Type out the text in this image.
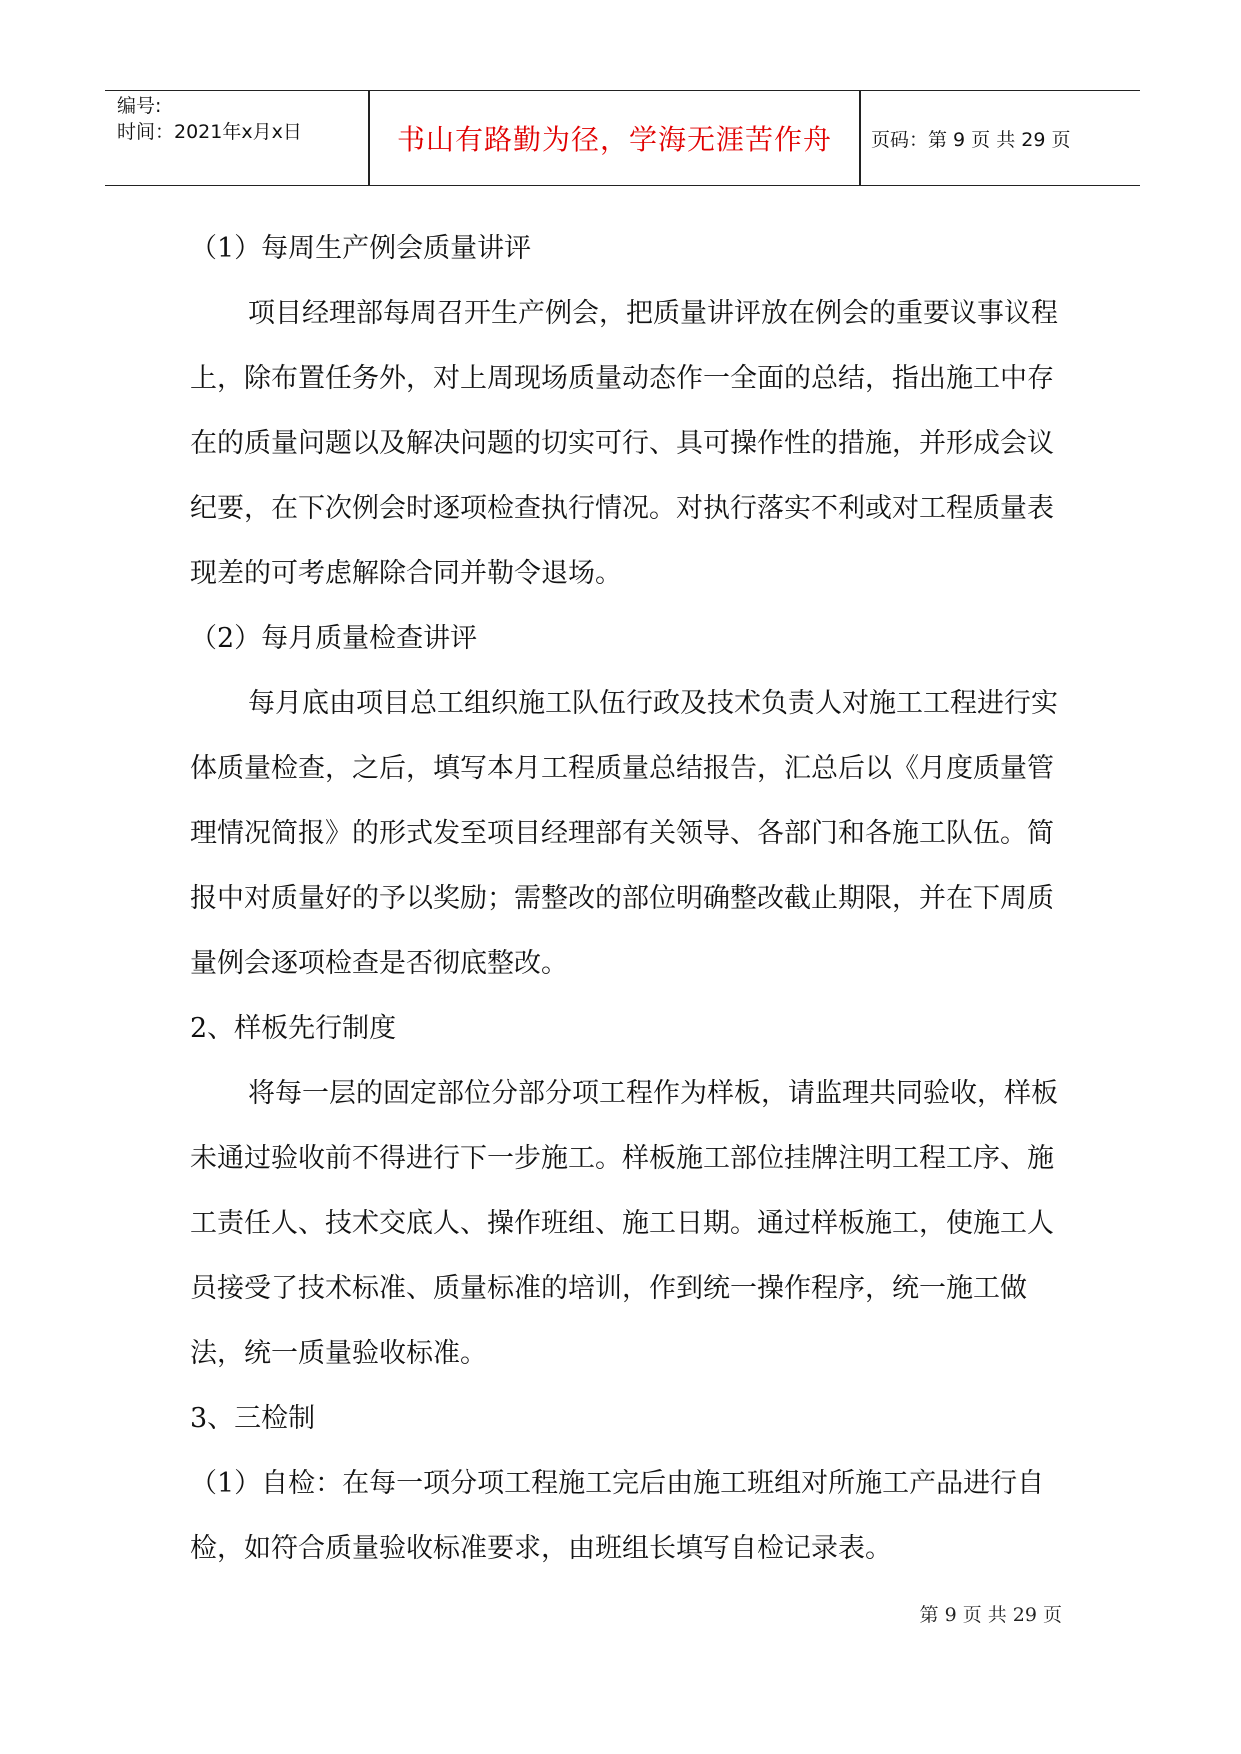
编号:
时间：2021年x月x日	书山有路勤为径，学海无涯苦作舟	页码：第 9 页 共 29 页

（1）每周生产例会质量讲评

项目经理部每周召开生产例会，把质量讲评放在例会的重要议事议程上，除布置任务外，对上周现场质量动态作一全面的总结，指出施工中存在的质量问题以及解决问题的切实可行、具可操作性的措施，并形成会议纪要，在下次例会时逐项检查执行情况。对执行落实不利或对工程质量表现差的可考虑解除合同并勒令退场。

（2）每月质量检查讲评

每月底由项目总工组织施工队伍行政及技术负责人对施工工程进行实体质量检查，之后，填写本月工程质量总结报告，汇总后以《月度质量管理情况简报》的形式发至项目经理部有关领导、各部门和各施工队伍。简报中对质量好的予以奖励；需整改的部位明确整改截止期限，并在下周质量例会逐项检查是否彻底整改。

2、样板先行制度

将每一层的固定部位分部分项工程作为样板，请监理共同验收，样板未通过验收前不得进行下一步施工。样板施工部位挂牌注明工程工序、施工责任人、技术交底人、操作班组、施工日期。通过样板施工，使施工人员接受了技术标准、质量标准的培训，作到统一操作程序，统一施工做法，统一质量验收标准。

3、三检制

（1）自检：在每一项分项工程施工完后由施工班组对所施工产品进行自检，如符合质量验收标准要求，由班组长填写自检记录表。

第 9 页 共 29 页
